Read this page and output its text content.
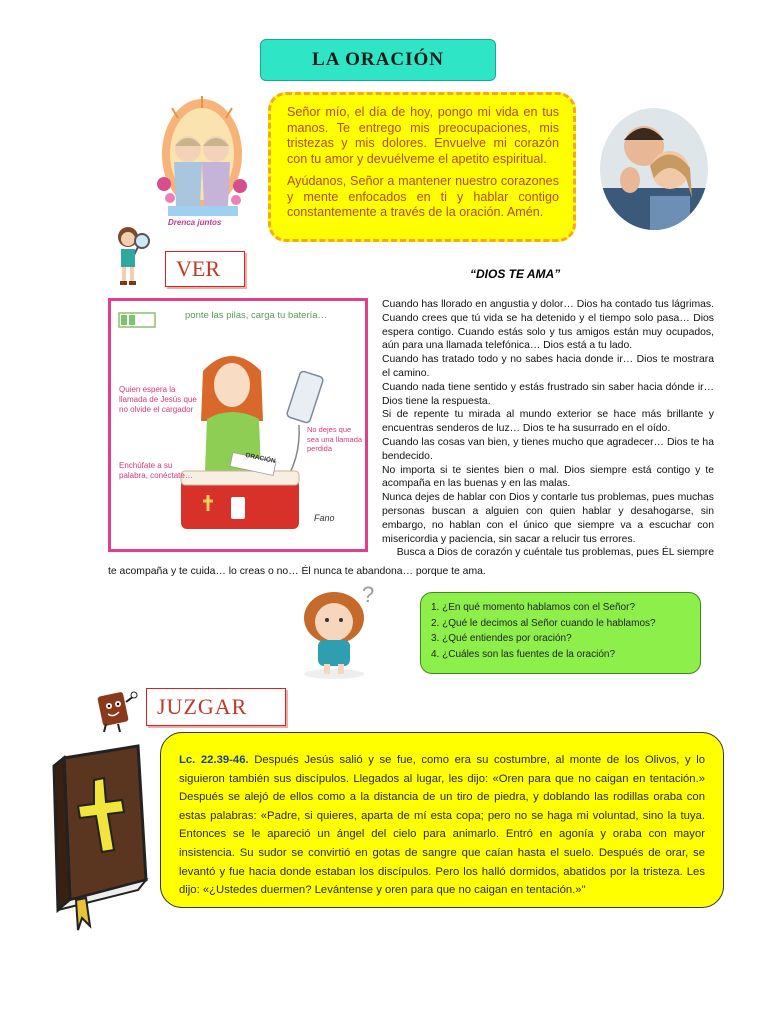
LA ORACIÓN
Drenca juntos

Señor mío, el día de hoy, pongo mi vida en tus manos. Te entrego mis preocupaciones, mis tristezas y mis dolores. Envuelve mi corazón con tu amor y devuélveme el apetito espiritual.

Ayúdanos, Señor a mantener nuestro corazones y mente enfocados en ti y hablar contigo constantemente a través de la oración. Amén.

VER	“DIOS TE AMA”
ponte las pilas, carga tu batería…
Quien espera la llamada de Jesús que no olvide el cargador
Enchúfate a su palabra, conéctate…
No dejes que sea una llamada perdida
ORACIÓN
Fano

Cuando has llorado en angustia y dolor… Dios ha contado tus lágrimas. Cuando crees que tú vida se ha detenido y el tiempo solo pasa… Dios espera contigo. Cuando estás solo y tus amigos están muy ocupados, aún para una llamada telefónica… Dios está a tu lado.

Cuando has tratado todo y no sabes hacia donde ir… Dios te mostrara el camino.

Cuando nada tiene sentido y estás frustrado sin saber hacia dónde ir… Dios tiene la respuesta.

Si de repente tu mirada al mundo exterior se hace más brillante y encuentras senderos de luz… Dios te ha susurrado en el oído.

Cuando las cosas van bien, y tienes mucho que agradecer… Dios te ha bendecido.

No importa si te sientes bien o mal. Dios siempre está contigo y te acompaña en las buenas y en las malas.

Nunca dejes de hablar con Dios y contarle tus problemas, pues muchas personas buscan a alguien con quien hablar y desahogarse, sin embargo, no hablan con el único que siempre va a escuchar con misericordia y paciencia, sin sacar a relucir tus errores.

Busca a Dios de corazón y cuéntale tus problemas, pues ÉL siempre

te acompaña y te cuida… lo creas o no… Él nunca te abandona… porque te ama.
?
1. ¿En qué momento hablamos con el Señor?
2. ¿Qué le decimos al Señor cuando le hablamos?
3. ¿Qué entiendes por oración?
4. ¿Cuáles son las fuentes de la oración?
JUZGAR
Lc. 22.39-46. Después Jesús salió y se fue, como era su costumbre, al monte de los Olivos, y lo siguieron también sus discípulos. Llegados al lugar, les dijo: «Oren para que no caigan en tentación.» Después se alejó de ellos como a la distancia de un tiro de piedra, y doblando las rodillas oraba con estas palabras: «Padre, si quieres, aparta de mí esta copa; pero no se haga mi voluntad, sino la tuya. Entonces se le apareció un ángel del cielo para animarlo. Entró en agonía y oraba con mayor insistencia. Su sudor se convirtió en gotas de sangre que caían hasta el suelo. Después de orar, se levantó y fue hacia donde estaban los discípulos. Pero los halló dormidos, abatidos por la tristeza. Les dijo: «¿Ustedes duermen? Levántense y oren para que no caigan en tentación.»"
